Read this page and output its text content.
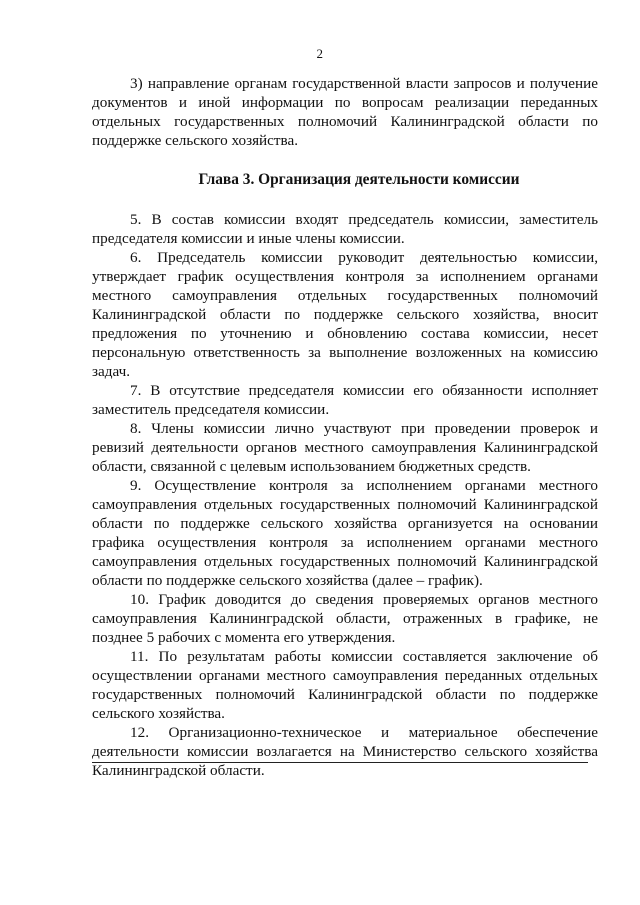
2

3) направление органам государственной власти запросов и получение документов и иной информации по вопросам реализации переданных отдельных государственных полномочий Калининградской области по поддержке сельского хозяйства.

Глава 3. Организация деятельности комиссии

5. В состав комиссии входят председатель комиссии, заместитель председателя комиссии и иные члены комиссии.

6. Председатель комиссии руководит деятельностью комиссии, утверждает график осуществления контроля за исполнением органами местного самоуправления отдельных государственных полномочий Калининградской области по поддержке сельского хозяйства, вносит предложения по уточнению и обновлению состава комиссии, несет персональную ответственность за выполнение возложенных на комиссию задач.

7. В отсутствие председателя комиссии его обязанности исполняет заместитель председателя комиссии.

8. Члены комиссии лично участвуют при проведении проверок и ревизий деятельности органов местного самоуправления Калининградской области, связанной с целевым использованием бюджетных средств.

9. Осуществление контроля за исполнением органами местного самоуправления отдельных государственных полномочий Калининградской области по поддержке сельского хозяйства организуется на основании графика осуществления контроля за исполнением органами местного самоуправления отдельных государственных полномочий Калининградской области по поддержке сельского хозяйства (далее – график).

10. График доводится до сведения проверяемых органов местного самоуправления Калининградской области, отраженных в графике, не позднее 5 рабочих с момента его утверждения.

11. По результатам работы комиссии составляется заключение об осуществлении органами местного самоуправления переданных отдельных государственных полномочий Калининградской области по поддержке сельского хозяйства.

12. Организационно-техническое и материальное обеспечение деятельности комиссии возлагается на Министерство сельского хозяйства Калининградской области.
